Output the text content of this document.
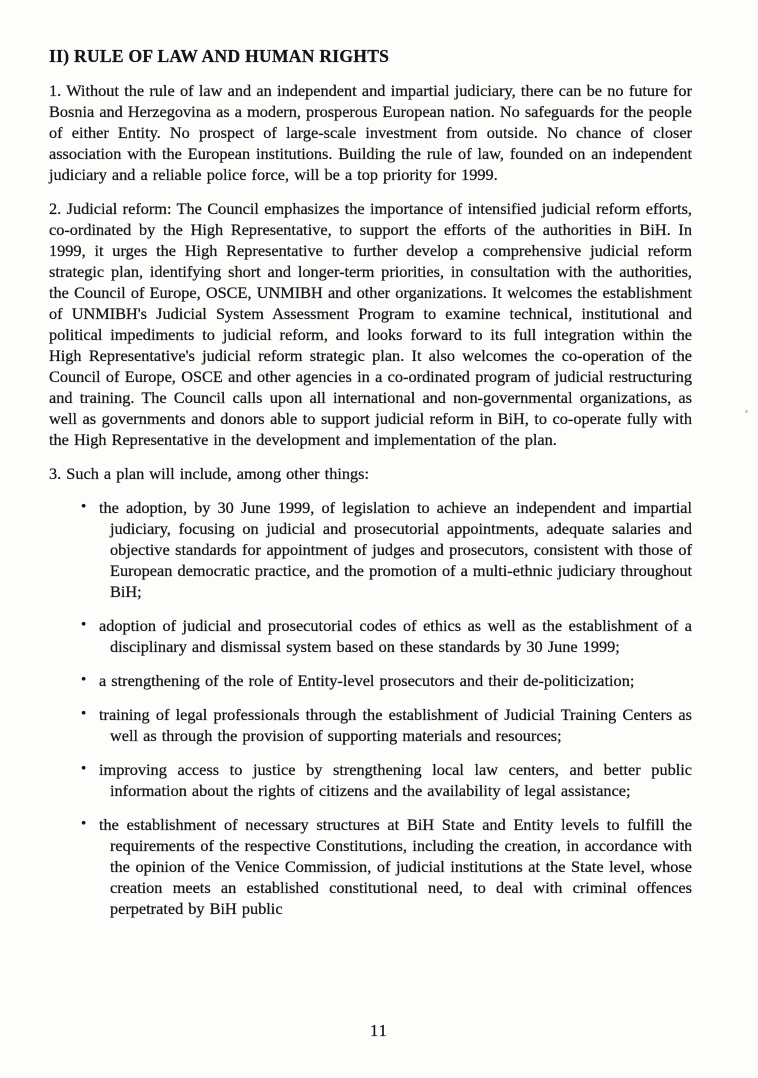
II) RULE OF LAW AND HUMAN RIGHTS

1. Without the rule of law and an independent and impartial judiciary, there can be no future for Bosnia and Herzegovina as a modern, prosperous European nation. No safeguards for the people of either Entity. No prospect of large-scale investment from outside. No chance of closer association with the European institutions. Building the rule of law, founded on an independent judiciary and a reliable police force, will be a top priority for 1999.

2. Judicial reform: The Council emphasizes the importance of intensified judicial reform efforts, co-ordinated by the High Representative, to support the efforts of the authorities in BiH. In 1999, it urges the High Representative to further develop a comprehensive judicial reform strategic plan, identifying short and longer-term priorities, in consultation with the authorities, the Council of Europe, OSCE, UNMIBH and other organizations. It welcomes the establishment of UNMIBH's Judicial System Assessment Program to examine technical, institutional and political impediments to judicial reform, and looks forward to its full integration within the High Representative's judicial reform strategic plan. It also welcomes the co-operation of the Council of Europe, OSCE and other agencies in a co-ordinated program of judicial restructuring and training. The Council calls upon all international and non-governmental organizations, as well as governments and donors able to support judicial reform in BiH, to co-operate fully with the High Representative in the development and implementation of the plan.

3. Such a plan will include, among other things:

• the adoption, by 30 June 1999, of legislation to achieve an independent and impartial judiciary, focusing on judicial and prosecutorial appointments, adequate salaries and objective standards for appointment of judges and prosecutors, consistent with those of European democratic practice, and the promotion of a multi-ethnic judiciary throughout BiH;
• adoption of judicial and prosecutorial codes of ethics as well as the establishment of a disciplinary and dismissal system based on these standards by 30 June 1999;
• a strengthening of the role of Entity-level prosecutors and their de-politicization;
• training of legal professionals through the establishment of Judicial Training Centers as well as through the provision of supporting materials and resources;
• improving access to justice by strengthening local law centers, and better public information about the rights of citizens and the availability of legal assistance;
• the establishment of necessary structures at BiH State and Entity levels to fulfill the requirements of the respective Constitutions, including the creation, in accordance with the opinion of the Venice Commission, of judicial institutions at the State level, whose creation meets an established constitutional need, to deal with criminal offences perpetrated by BiH public
11
